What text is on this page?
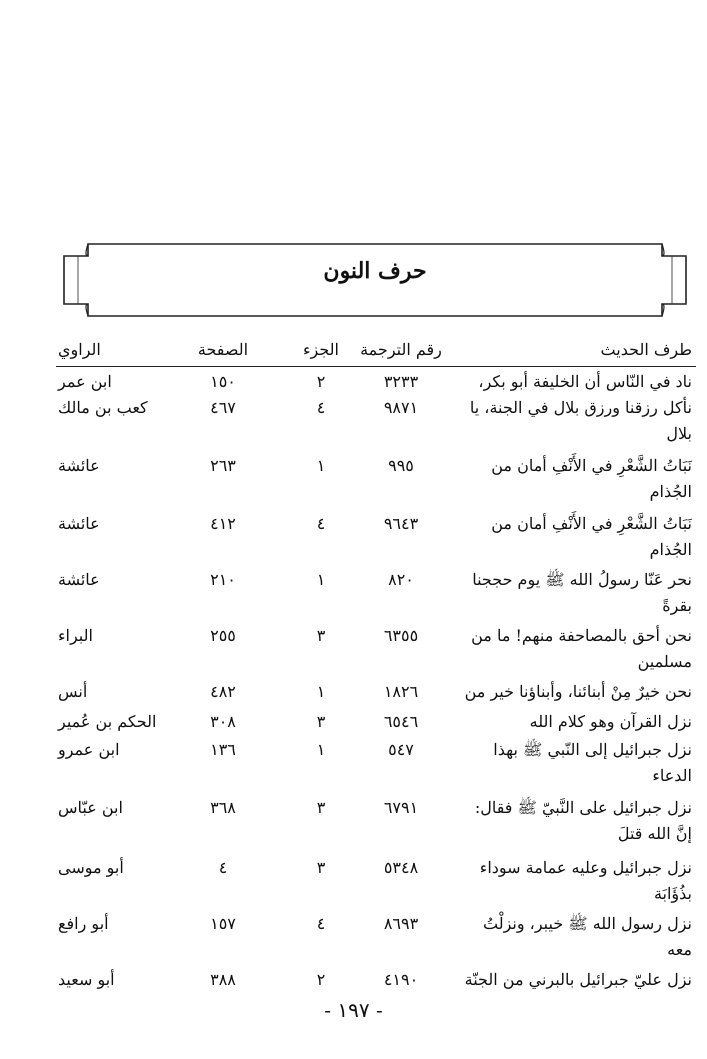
حرف النون
طرف الحديث
رقم الترجمة
الجزء
الصفحة
الراوي
ناد في النّاس أن الخليفة أبو بكر،
٣٢٣٣
٢
١٥٠
ابن عمر
نأكل رزقنا ورزق بلال في الجنة، يا بلال
٩٨٧١
٤
٤٦٧
كعب بن مالك
نَبَاتُ الشَّعْرِ في الأَنْفِ أمان من الجُذام
٩٩٥
١
٢٦٣
عائشة
نَبَاتُ الشَّعْرِ في الأَنْفِ أمان من الجُذام
٩٦٤٣
٤
٤١٢
عائشة
نحر عَنّا رسولُ الله ﷺ يوم حججنا بقرةً
٨٢٠
١
٢١٠
عائشة
نحن أحق بالمصاحفة منهم! ما من مسلمين
٦٣٥٥
٣
٢٥٥
البراء
نحن خيرٌ مِنْ أبنائنا، وأبناؤنا خير من
١٨٢٦
١
٤٨٢
أنس
نزل القرآن وهو كلام الله
٦٥٤٦
٣
٣٠٨
الحكم بن عُمير
نزل جبرائيل إلى النّبي ﷺ بهذا الدعاء
٥٤٧
١
١٣٦
ابن عمرو
نزل جبرائيل على النَّبيّ ﷺ فقال: إنَّ الله قتلَ
٦٧٩١
٣
٣٦٨
ابن عبّاس
نزل جبرائيل وعليه عمامة سوداء بذُؤَابَة
٥٣٤٨
٣
٤
أبو موسى
نزل رسول الله ﷺ خيبر، ونزلْتُ معه
٨٦٩٣
٤
١٥٧
أبو رافع
نزل عليّ جبرائيل بالبرني من الجنّة
٤١٩٠
٢
٣٨٨
أبو سعيد
- ١٩٧ -
